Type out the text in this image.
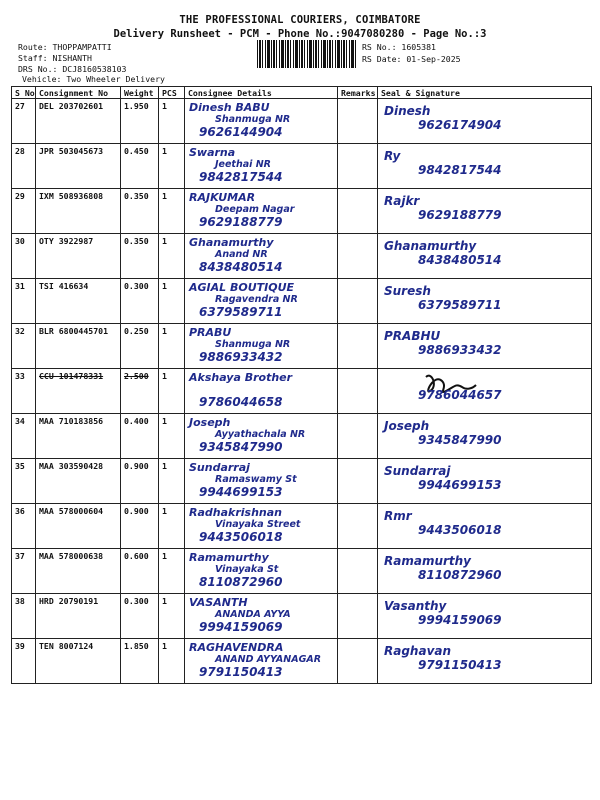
THE PROFESSIONAL COURIERS, COIMBATORE
Delivery Runsheet - PCM - Phone No.:9047080280 - Page No.:3
Route: THOPPAMPATTI
Staff: NISHANTH
DRS No.: DCJ8160538103
Vehicle: Two Wheeler Delivery
RS No.: 1605381
RS Date: 01-Sep-2025
S No	Consignment No	Weight	PCS	Consignee Details	Remarks	Seal & Signature
27	DEL 203702601	1.950	1	Dinesh BABU
Shanmuga NR
9626144904		Dinesh
9626174904

28	JPR 503045673	0.450	1	Swarna
Jeethai NR
9842817544		Ry
9842817544

29	IXM 508936808	0.350	1	RAJKUMAR
Deepam Nagar
9629188779		Rajkr
9629188779

30	OTY 3922987	0.350	1	Ghanamurthy
Anand NR
8438480514		Ghanamurthy
8438480514

31	TSI 416634	0.300	1	AGIAL BOUTIQUE
Ragavendra NR
6379589711		Suresh
6379589711

32	BLR 6800445701	0.250	1	PRABU
Shanmuga NR
9886933432		PRABHU
9886933432

33	CCU 101478331	2.500	1	Akshaya Brother
9786044658		9786044657

34	MAA 710183856	0.400	1	Joseph
Ayyathachala NR
9345847990		Joseph
9345847990

35	MAA 303590428	0.900	1	Sundarraj
Ramaswamy St
9944699153		Sundarraj
9944699153

36	MAA 578000604	0.900	1	Radhakrishnan
Vinayaka Street
9443506018		Rmr
9443506018

37	MAA 578000638	0.600	1	Ramamurthy
Vinayaka St
8110872960		Ramamurthy
8110872960

38	HRD 20790191	0.300	1	VASANTH
ANANDA AYYA
9994159069		Vasanthy
9994159069

39	TEN 8007124	1.850	1	RAGHAVENDRA
ANAND AYYANAGAR
9791150413		Raghavan
9791150413
